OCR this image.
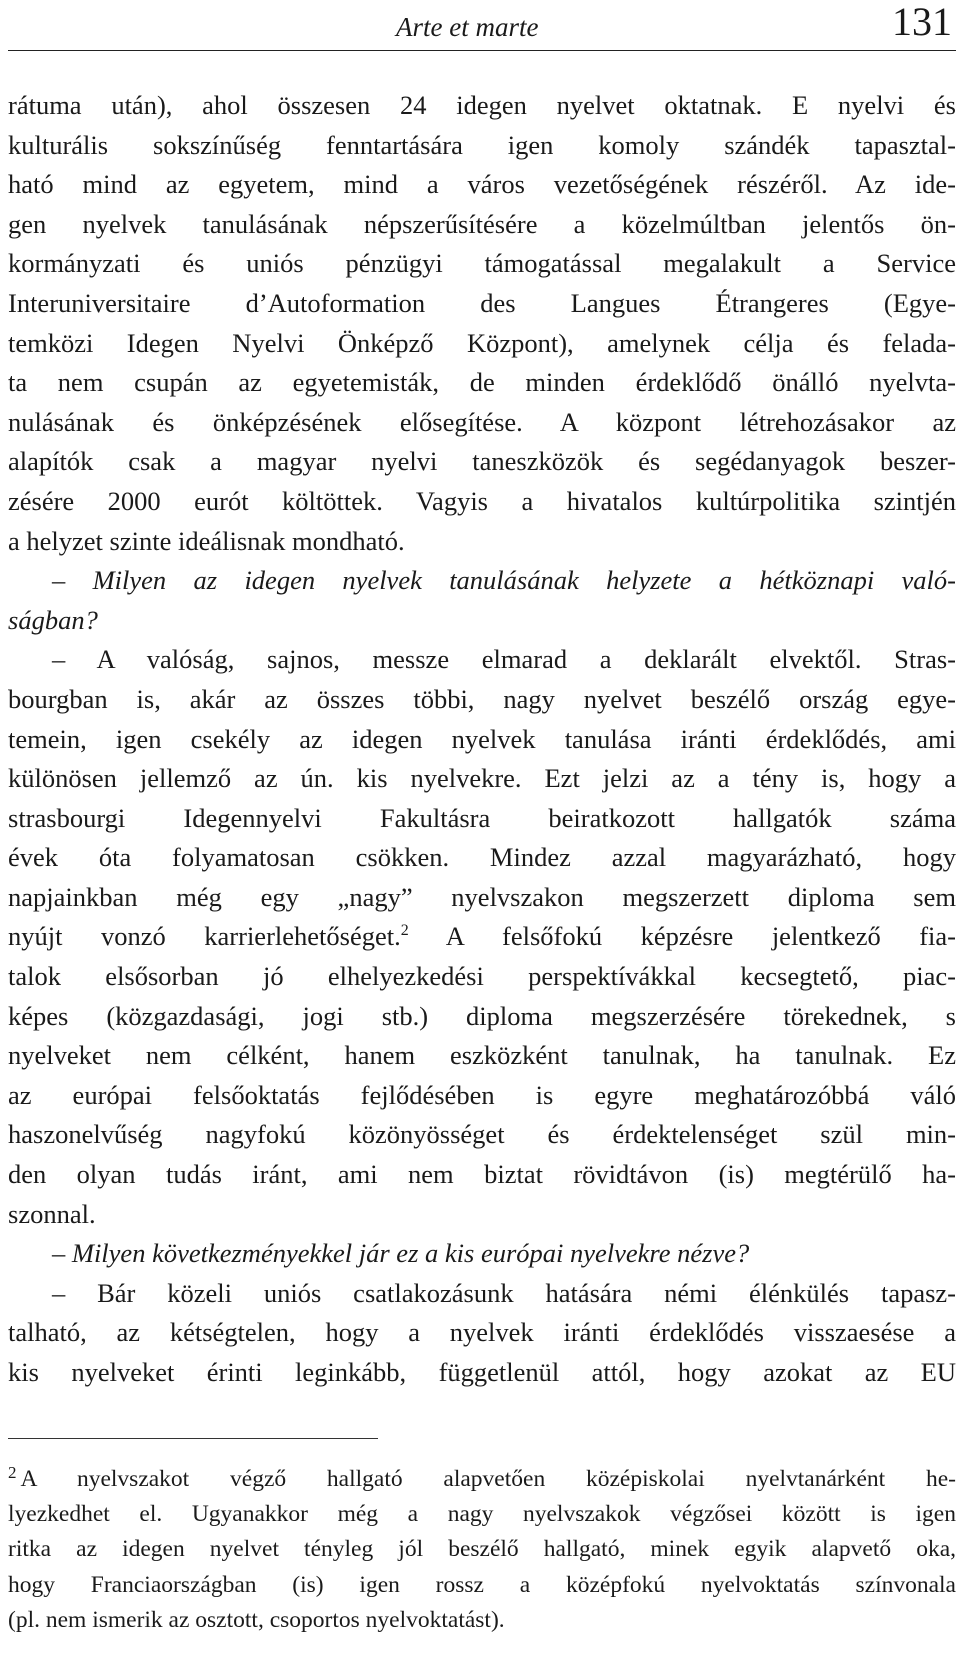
Arte et marte	131
rátuma után), ahol összesen 24 idegen nyelvet oktatnak. E nyelvi és
kulturális sokszínűség fenntartására igen komoly szándék tapasztal-
ható mind az egyetem, mind a város vezetőségének részéről. Az ide-
gen nyelvek tanulásának népszerűsítésére a közelmúltban jelentős ön-
kormányzati és uniós pénzügyi támogatással megalakult a Service
Interuniversitaire d’Autoformation des Langues Étrangeres (Egye-
temközi Idegen Nyelvi Önképző Központ), amelynek célja és felada-
ta nem csupán az egyetemisták, de minden érdeklődő önálló nyelvta-
nulásának és önképzésének elősegítése. A központ létrehozásakor az
alapítók csak a magyar nyelvi taneszközök és segédanyagok beszer-
zésére 2000 eurót költöttek. Vagyis a hivatalos kultúrpolitika szintjén
a helyzet szinte ideálisnak mondható.
– Milyen az idegen nyelvek tanulásának helyzete a hétköznapi való-
ságban?
– A valóság, sajnos, messze elmarad a deklarált elvektől. Stras-
bourgban is, akár az összes többi, nagy nyelvet beszélő ország egye-
temein, igen csekély az idegen nyelvek tanulása iránti érdeklődés, ami
különösen jellemző az ún. kis nyelvekre. Ezt jelzi az a tény is, hogy a
strasbourgi Idegennyelvi Fakultásra beiratkozott hallgatók száma
évek óta folyamatosan csökken. Mindez azzal magyarázható, hogy
napjainkban még egy „nagy” nyelvszakon megszerzett diploma sem
nyújt vonzó karrierlehetőséget.$^2$ A felsőfokú képzésre jelentkező fia-
talok elsősorban jó elhelyezkedési perspektívákkal kecsegtető, piac-
képes (közgazdasági, jogi stb.) diploma megszerzésére törekednek, s
nyelveket nem célként, hanem eszközként tanulnak, ha tanulnak. Ez
az európai felsőoktatás fejlődésében is egyre meghatározóbbá váló
haszonelvűség nagyfokú közönyösséget és érdektelenséget szül min-
den olyan tudás iránt, ami nem biztat rövidtávon (is) megtérülő ha-
szonnal.
– Milyen következményekkel jár ez a kis európai nyelvekre nézve?
– Bár közeli uniós csatlakozásunk hatására némi élénkülés tapasz-
talható, az kétségtelen, hogy a nyelvek iránti érdeklődés visszaesése a
kis nyelveket érinti leginkább, függetlenül attól, hogy azokat az EU
$^2$ A nyelvszakot végző hallgató alapvetően középiskolai nyelvtanárként he-
lyezkedhet el. Ugyanakkor még a nagy nyelvszakok végzősei között is igen
ritka az idegen nyelvet tényleg jól beszélő hallgató, minek egyik alapvető oka,
hogy Franciaországban (is) igen rossz a középfokú nyelvoktatás színvonala
(pl. nem ismerik az osztott, csoportos nyelvoktatást).
